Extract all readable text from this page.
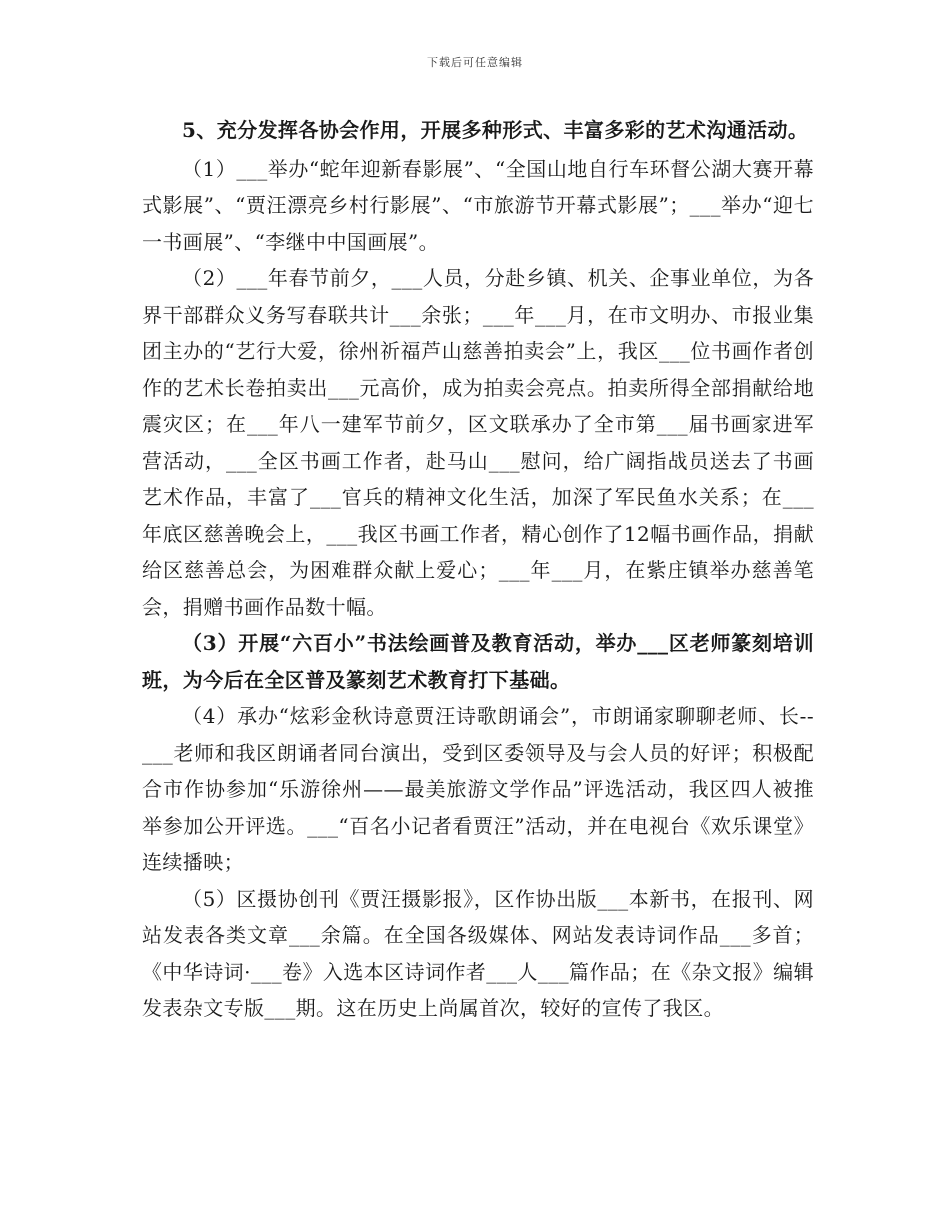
下载后可任意编辑

5、充分发挥各协会作用，开展多种形式、丰富多彩的艺术沟通活动。

（1）___举办“蛇年迎新春影展”、“全国山地自行车环督公湖大赛开幕式影展”、“贾汪漂亮乡村行影展”、“市旅游节开幕式影展”；___举办“迎七一书画展”、“李继中中国画展”。

（2）___年春节前夕，___人员，分赴乡镇、机关、企事业单位，为各界干部群众义务写春联共计___余张；___年___月，在市文明办、市报业集团主办的“艺行大爱，徐州祈福芦山慈善拍卖会”上，我区___位书画作者创作的艺术长卷拍卖出___元高价，成为拍卖会亮点。拍卖所得全部捐献给地震灾区；在___年八一建军节前夕，区文联承办了全市第___届书画家进军营活动，___全区书画工作者，赴马山___慰问，给广阔指战员送去了书画艺术作品，丰富了___官兵的精神文化生活，加深了军民鱼水关系；在___年底区慈善晚会上，___我区书画工作者，精心创作了12幅书画作品，捐献给区慈善总会，为困难群众献上爱心；___年___月，在紫庄镇举办慈善笔会，捐赠书画作品数十幅。

（3）开展“六百小”书法绘画普及教育活动，举办___区老师篆刻培训班，为今后在全区普及篆刻艺术教育打下基础。

（4）承办“炫彩金秋诗意贾汪诗歌朗诵会”，市朗诵家聊聊老师、长--___老师和我区朗诵者同台演出，受到区委领导及与会人员的好评；积极配合市作协参加“乐游徐州——最美旅游文学作品”评选活动，我区四人被推举参加公开评选。___“百名小记者看贾汪”活动，并在电视台《欢乐课堂》连续播映；

（5）区摄协创刊《贾汪摄影报》，区作协出版___本新书，在报刊、网站发表各类文章___余篇。在全国各级媒体、网站发表诗词作品___多首；《中华诗词·___卷》入选本区诗词作者___人___篇作品；在《杂文报》编辑发表杂文专版___期。这在历史上尚属首次，较好的宣传了我区。
